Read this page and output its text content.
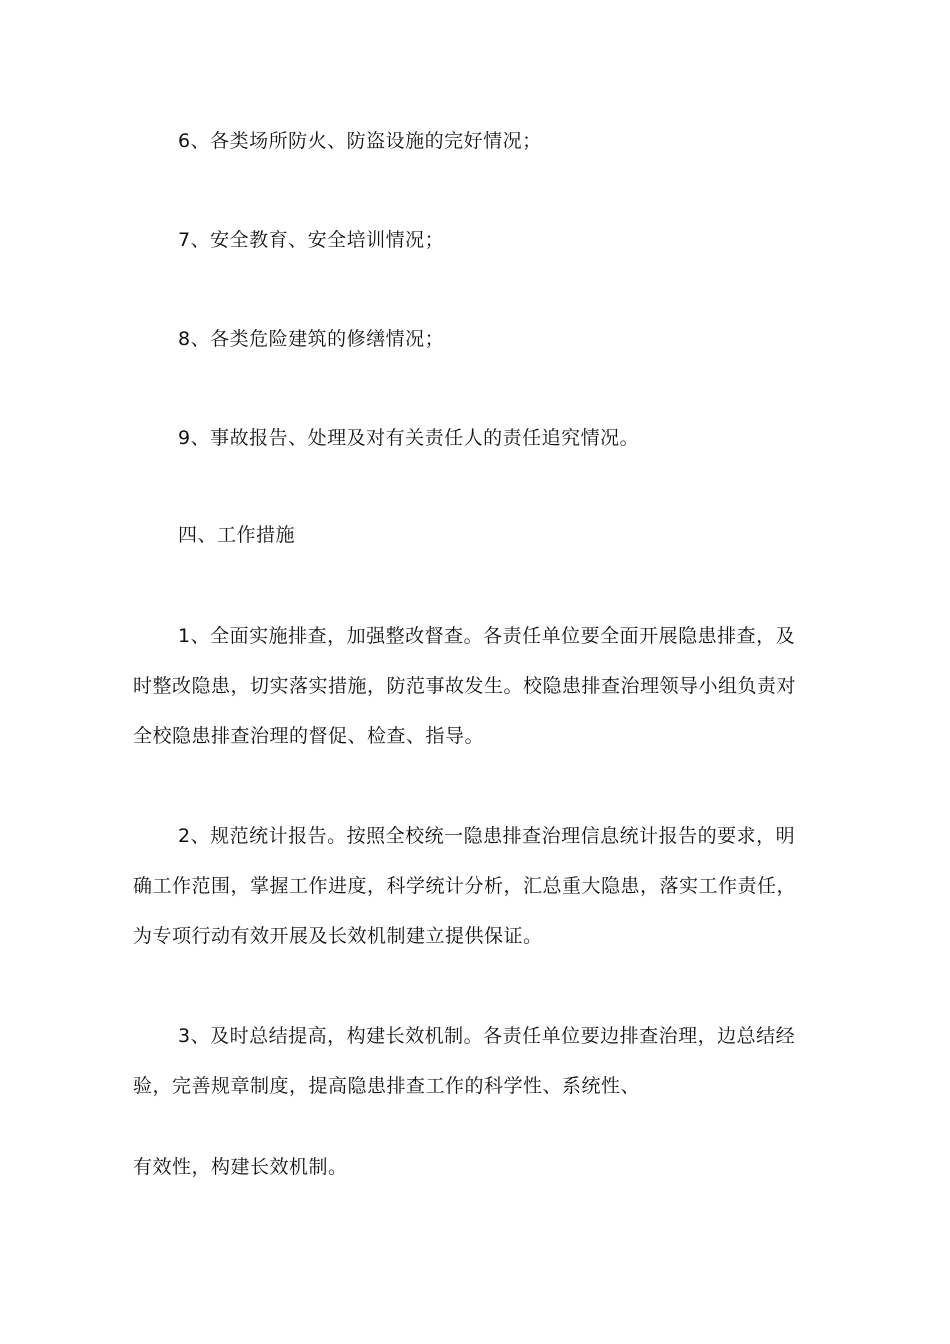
6、各类场所防火、防盗设施的完好情况；
7、安全教育、安全培训情况；
8、各类危险建筑的修缮情况；
9、事故报告、处理及对有关责任人的责任追究情况。
四、工作措施
1、全面实施排查，加强整改督查。各责任单位要全面开展隐患排查，及
时整改隐患，切实落实措施，防范事故发生。校隐患排查治理领导小组负责对
全校隐患排查治理的督促、检查、指导。
2、规范统计报告。按照全校统一隐患排查治理信息统计报告的要求，明
确工作范围，掌握工作进度，科学统计分析，汇总重大隐患，落实工作责任，
为专项行动有效开展及长效机制建立提供保证。
3、及时总结提高，构建长效机制。各责任单位要边排查治理，边总结经
验，完善规章制度，提高隐患排查工作的科学性、系统性、
有效性，构建长效机制。
